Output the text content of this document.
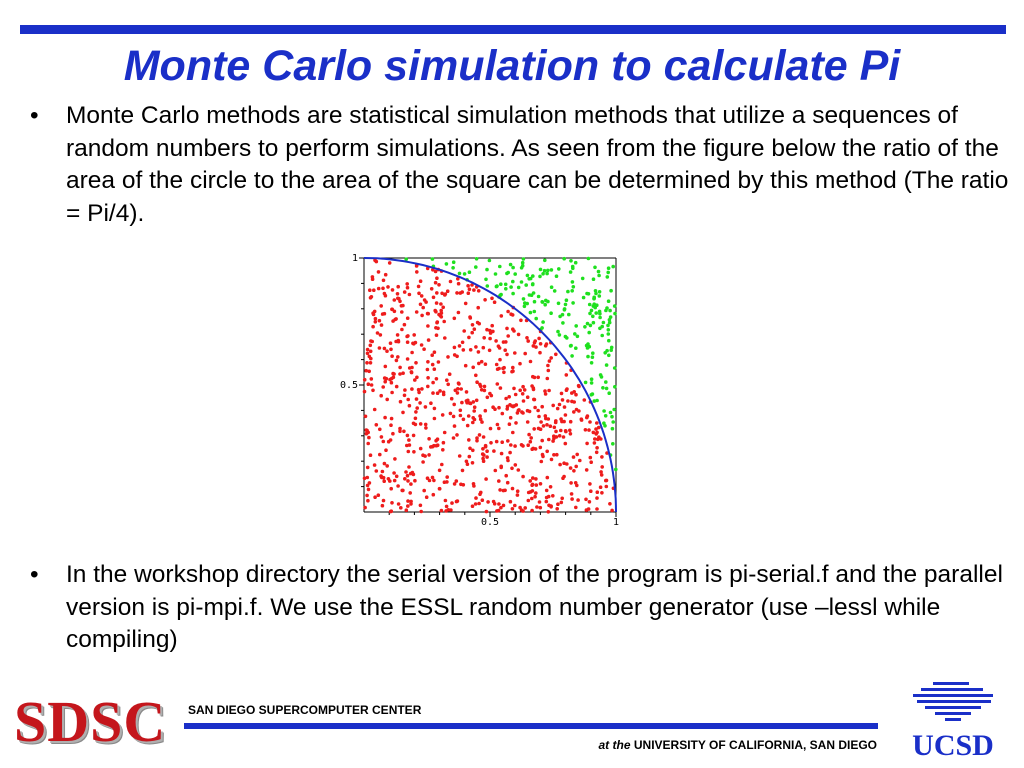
Monte Carlo simulation to calculate Pi
• Monte Carlo methods are statistical simulation methods that utilize a sequences of random numbers to perform simulations. As seen from the figure below the ratio of the area of the circle to the area of the square can be determined by this method (The ratio = Pi/4).
1
0.5
0.5	1
• In the workshop directory the serial version of the program is pi-serial.f and the parallel version is pi-mpi.f. We use the ESSL random number generator (use –lessl while compiling)
SDSC SAN DIEGO SUPERCOMPUTER CENTER
at the UNIVERSITY OF CALIFORNIA, SAN DIEGO UCSD
